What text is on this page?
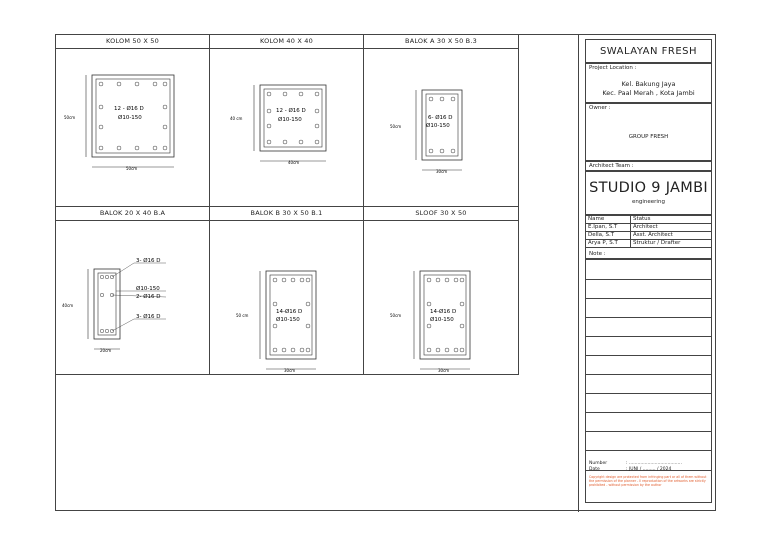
KOLOM 50 X 50
12 - Ø16 D
Ø10-150
50cm
50cm
KOLOM 40 X 40
12 - Ø16 D
Ø10-150
40 cm
40cm
BALOK A 30 X 50 B.3
6- Ø16 D
Ø10-150
50cm
30cm
BALOK 20 X 40 B.A
3- Ø16 D
Ø10-150
2- Ø16 D
3- Ø16 D
40cm
20cm
BALOK B 30 X 50 B.1
14-Ø16 D
Ø10-150
50 cm
30cm
SLOOF 30 X 50
14-Ø16 D
Ø10-150
50cm
30cm
SWALAYAN FRESH
Project Location :
Kel. Bakung Jaya
Kec. Paal Merah , Kota Jambi
Owner :
GROUP FRESH
Architect Team :
STUDIO 9 JAMBI
engineering
Name	Status
E.Ipan, S.T	Architect
Della, S.T	Asst. Architect
Arya P, S.T	Struktur / Drafter
Note :
Number	: .....................................
Date	: JUNI / ......... / 2024
Copyright design are protected from infringing part or all of them without the permission of the planner - Il reproduction of the artworks are strictly prohibited - without permission by the author
